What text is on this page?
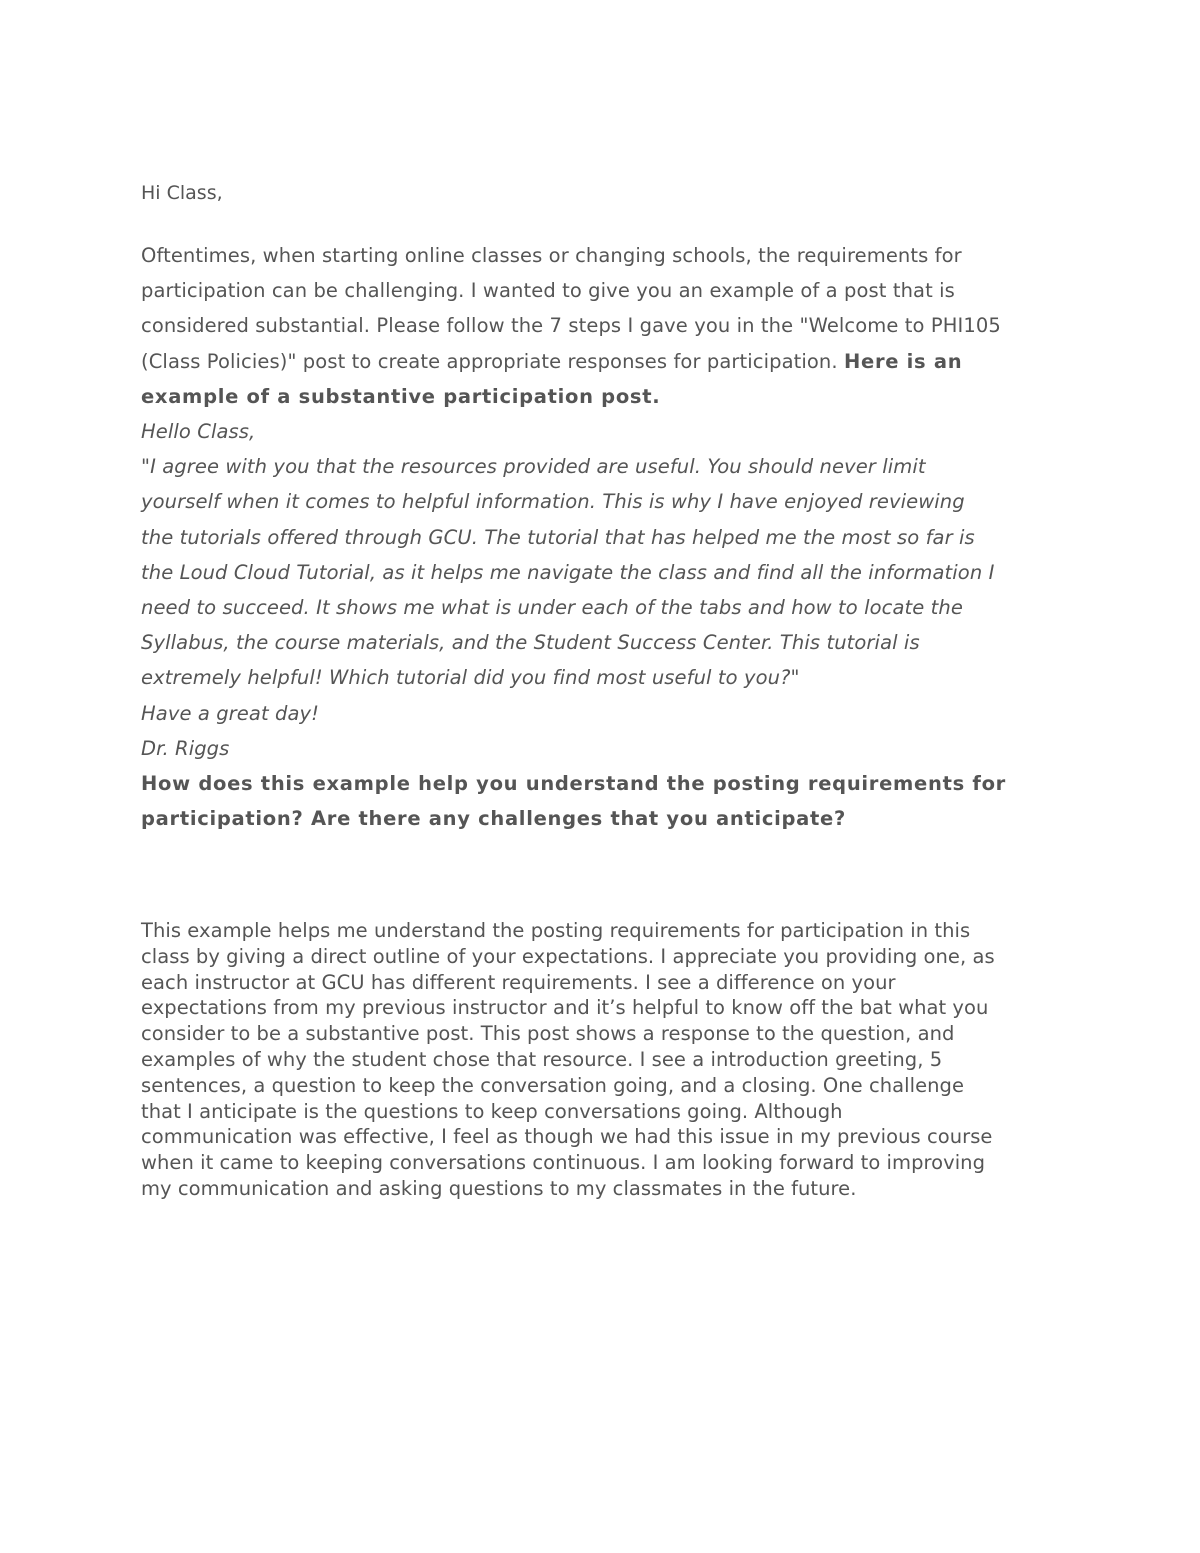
Hi Class,

Oftentimes, when starting online classes or changing schools, the requirements for
participation can be challenging. I wanted to give you an example of a post that is
considered substantial. Please follow the 7 steps I gave you in the "Welcome to PHI105
(Class Policies)" post to create appropriate responses for participation. Here is an
example of a substantive participation post.
Hello Class,
"I agree with you that the resources provided are useful. You should never limit
yourself when it comes to helpful information. This is why I have enjoyed reviewing
the tutorials offered through GCU. The tutorial that has helped me the most so far is
the Loud Cloud Tutorial, as it helps me navigate the class and find all the information I
need to succeed. It shows me what is under each of the tabs and how to locate the
Syllabus, the course materials, and the Student Success Center. This tutorial is
extremely helpful! Which tutorial did you find most useful to you?"
Have a great day!
Dr. Riggs
How does this example help you understand the posting requirements for
participation? Are there any challenges that you anticipate?
This example helps me understand the posting requirements for participation in this
class by giving a direct outline of your expectations. I appreciate you providing one, as
each instructor at GCU has different requirements. I see a difference on your
expectations from my previous instructor and it’s helpful to know off the bat what you
consider to be a substantive post. This post shows a response to the question, and
examples of why the student chose that resource. I see a introduction greeting, 5
sentences, a question to keep the conversation going, and a closing. One challenge
that I anticipate is the questions to keep conversations going. Although
communication was effective, I feel as though we had this issue in my previous course
when it came to keeping conversations continuous. I am looking forward to improving
my communication and asking questions to my classmates in the future.
